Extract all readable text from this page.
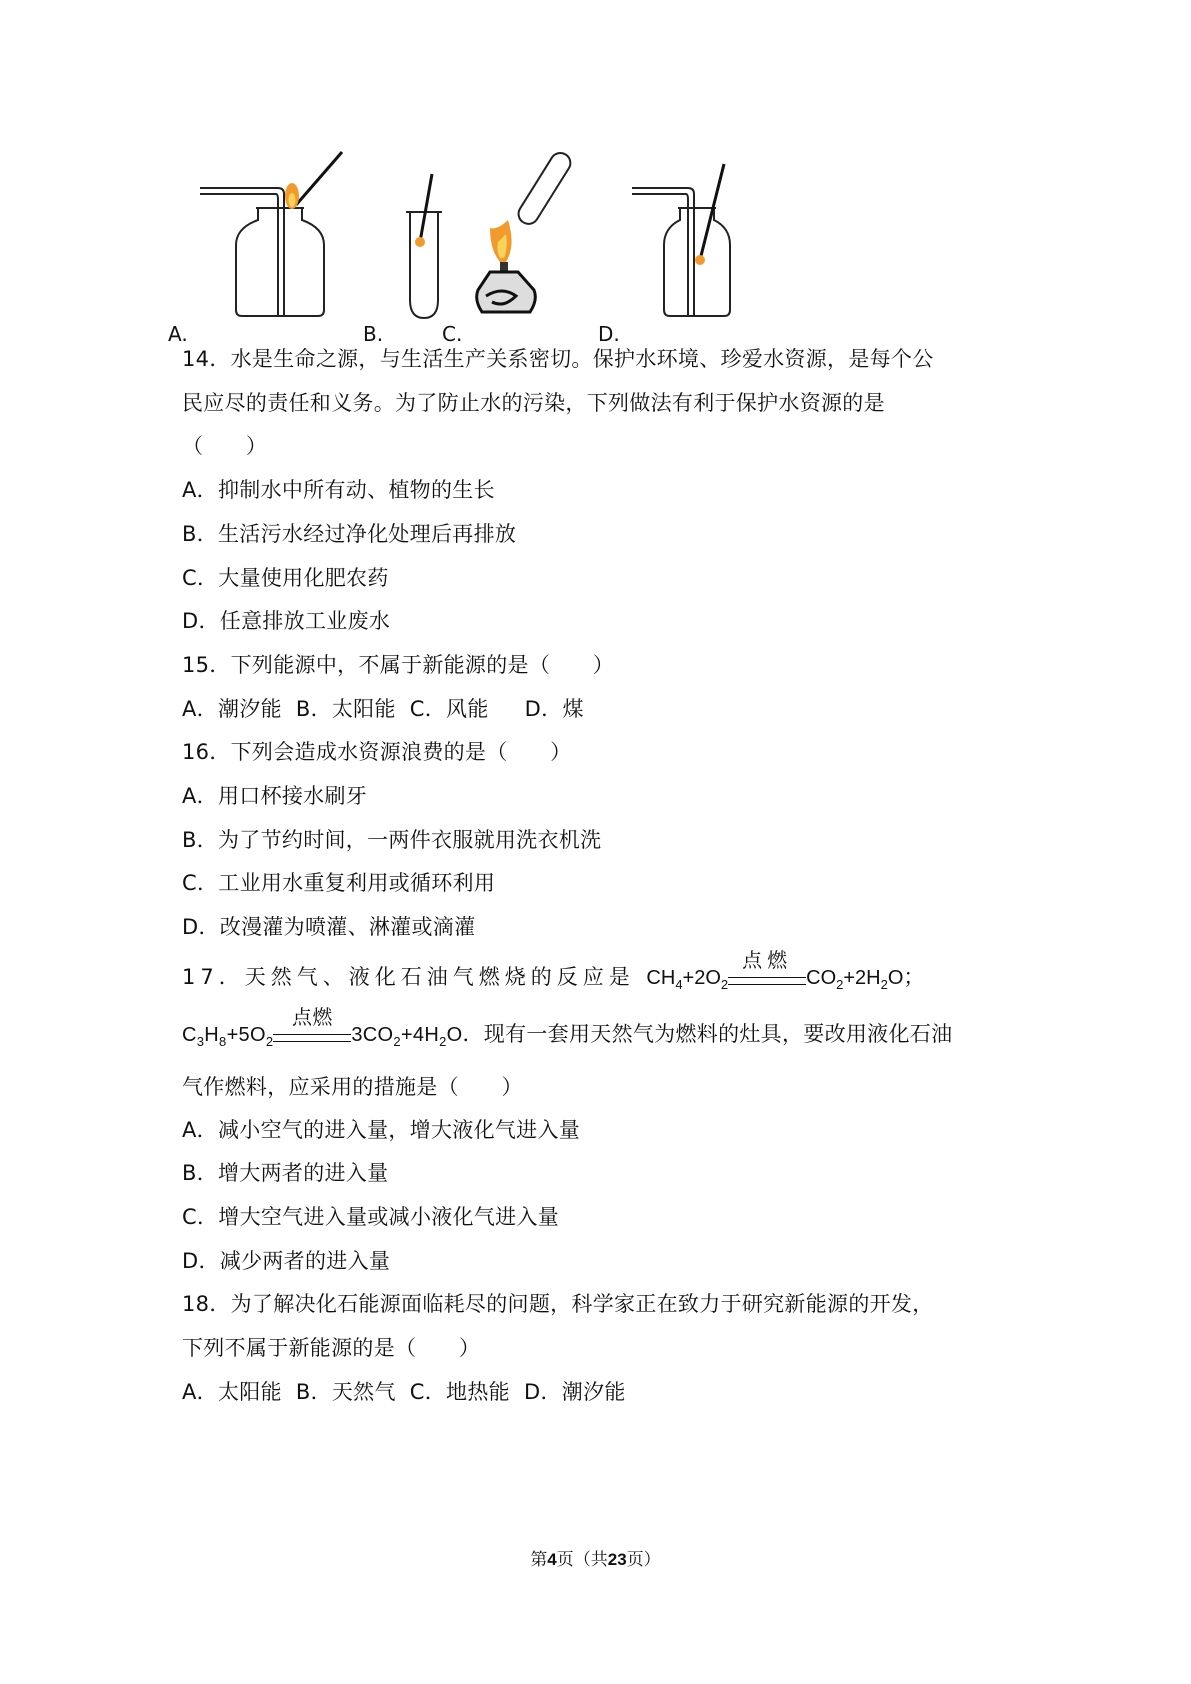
A.	B.	C.	D.
14．水是生命之源，与生活生产关系密切。保护水环境、珍爱水资源，是每个公
民应尽的责任和义务。为了防止水的污染，下列做法有利于保护水资源的是
（　　）
A．抑制水中所有动、植物的生长
B．生活污水经过净化处理后再排放
C．大量使用化肥农药
D．任意排放工业废水
15．下列能源中，不属于新能源的是（　　）
A．潮汐能 B．太阳能 C．风能 D．煤
16．下列会造成水资源浪费的是（　　）
A．用口杯接水刷牙
B．为了节约时间，一两件衣服就用洗衣机洗
C．工业用水重复利用或循环利用
D．改漫灌为喷灌、淋灌或滴灌
17．天然气、液化石油气燃烧的反应是 $CH_4+2O_2$
点燃
$CO_2+2H_2O$；
$C_3H_8+5O_2$
点燃
$3CO_2+4H_2O$．现有一套用天然气为燃料的灶具，要改用液化石油
气作燃料，应采用的措施是（　　）
A．减小空气的进入量，增大液化气进入量
B．增大两者的进入量
C．增大空气进入量或减小液化气进入量
D．减少两者的进入量
18．为了解决化石能源面临耗尽的问题，科学家正在致力于研究新能源的开发，
下列不属于新能源的是（　　）
A．太阳能 B．天然气 C．地热能 D．潮汐能
第4页（共23页）
